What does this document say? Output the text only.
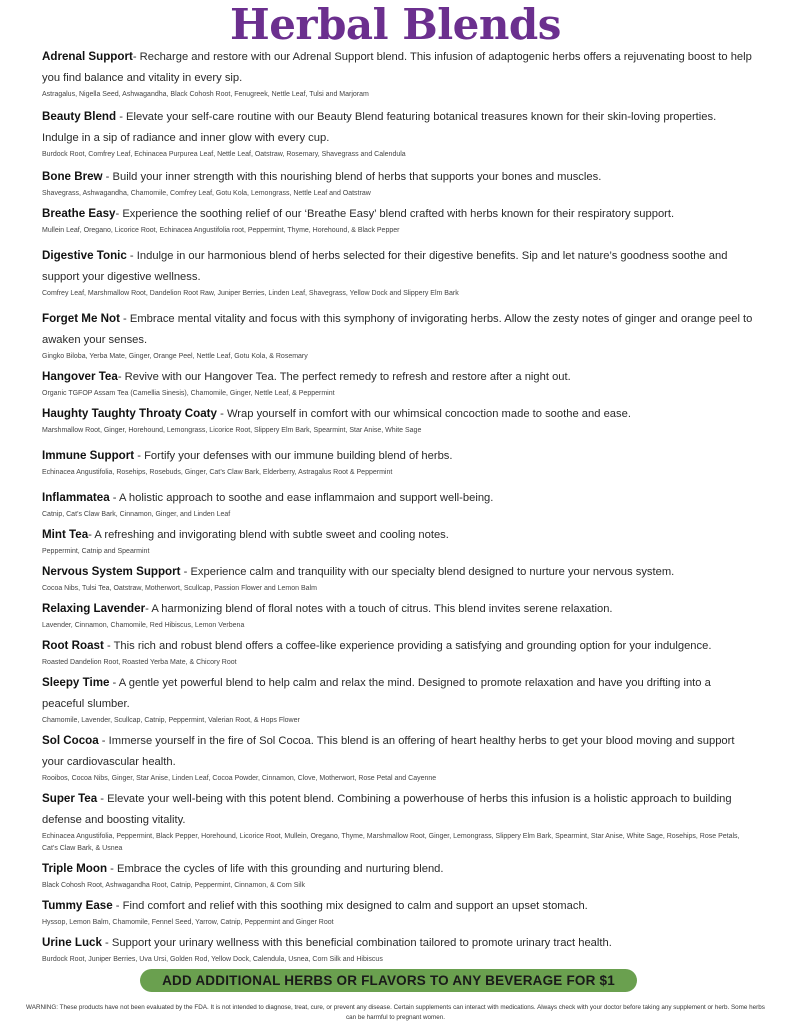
Herbal Blends
Adrenal Support- Recharge and restore with our Adrenal Support blend. This infusion of adaptogenic herbs offers a rejuvenating boost to help you find balance and vitality in every sip.
Astragalus, Nigella Seed, Ashwagandha, Black Cohosh Root, Fenugreek, Nettle Leaf, Tulsi and Marjoram
Beauty Blend - Elevate your self-care routine with our Beauty Blend featuring botanical treasures known for their skin-loving properties. Indulge in a sip of radiance and inner glow with every cup.
Burdock Root, Comfrey Leaf, Echinacea Purpurea Leaf, Nettle Leaf, Oatstraw, Rosemary, Shavegrass and Calendula
Bone Brew - Build your inner strength with this nourishing blend of herbs that supports your bones and muscles.
Shavegrass, Ashwagandha, Chamomile, Comfrey Leaf, Gotu Kola, Lemongrass, Nettle Leaf and Oatstraw
Breathe Easy- Experience the soothing relief of our ‘Breathe Easy’ blend crafted with herbs known for their respiratory support.
Mullein Leaf, Oregano, Licorice Root, Echinacea Angustifolia root, Peppermint, Thyme, Horehound, & Black Pepper
Digestive Tonic - Indulge in our harmonious blend of herbs selected for their digestive benefits. Sip and let nature’s goodness soothe and support your digestive wellness.
Comfrey Leaf, Marshmallow Root, Dandelion Root Raw, Juniper Berries, Linden Leaf, Shavegrass, Yellow Dock and Slippery Elm Bark
Forget Me Not - Embrace mental vitality and focus with this symphony of invigorating herbs. Allow the zesty notes of ginger and orange peel to awaken your senses.
Gingko Biloba, Yerba Mate, Ginger, Orange Peel, Nettle Leaf, Gotu Kola, & Rosemary
Hangover Tea- Revive with our Hangover Tea. The perfect remedy to refresh and restore after a night out.
Organic TGFOP Assam Tea (Camellia Sinesis), Chamomile, Ginger, Nettle Leaf, & Peppermint
Haughty Taughty Throaty Coaty - Wrap yourself in comfort with our whimsical concoction made to soothe and ease.
Marshmallow Root, Ginger, Horehound, Lemongrass, Licorice Root, Slippery Elm Bark, Spearmint, Star Anise, White Sage
Immune Support - Fortify your defenses with our immune building blend of herbs.
Echinacea Angustifolia, Rosehips, Rosebuds, Ginger, Cat’s Claw Bark, Elderberry, Astragalus Root & Peppermint
Inflammatea - A holistic approach to soothe and ease inflammaion and support well-being.
Catnip, Cat’s Claw Bark, Cinnamon, Ginger, and Linden Leaf
Mint Tea- A refreshing and invigorating blend with subtle sweet and cooling notes.
Peppermint, Catnip and Spearmint
Nervous System Support - Experience calm and tranquility with our specialty blend designed to nurture your nervous system.
Cocoa Nibs, Tulsi Tea, Oatstraw, Motherwort, Scullcap, Passion Flower and Lemon Balm
Relaxing Lavender- A harmonizing blend of floral notes with a touch of citrus. This blend invites serene relaxation.
Lavender, Cinnamon, Chamomile, Red Hibiscus, Lemon Verbena
Root Roast - This rich and robust blend offers a coffee-like experience providing a satisfying and grounding option for your indulgence.
Roasted Dandelion Root, Roasted Yerba Mate, & Chicory Root
Sleepy Time - A gentle yet powerful blend to help calm and relax the mind. Designed to promote relaxation and have you drifting into a peaceful slumber.
Chamomile, Lavender, Scullcap, Catnip, Peppermint, Valerian Root, & Hops Flower
Sol Cocoa - Immerse yourself in the fire of Sol Cocoa. This blend is an offering of heart healthy herbs to get your blood moving and support your cardiovascular health.
Rooibos, Cocoa Nibs, Ginger, Star Anise, Linden Leaf, Cocoa Powder, Cinnamon, Clove, Motherwort, Rose Petal and Cayenne
Super Tea - Elevate your well-being with this potent blend. Combining a powerhouse of herbs this infusion is a holistic approach to building defense and boosting vitality.
Echinacea Angustifolia, Peppermint, Black Pepper, Horehound, Licorice Root, Mullein, Oregano, Thyme, Marshmallow Root, Ginger, Lemongrass, Slippery Elm Bark, Spearmint, Star Anise, White Sage, Rosehips, Rose Petals, Cat’s Claw Bark, & Usnea
Triple Moon - Embrace the cycles of life with this grounding and nurturing blend.
Black Cohosh Root, Ashwagandha Root, Catnip, Peppermint, Cinnamon, & Corn Silk
Tummy Ease - Find comfort and relief with this soothing mix designed to calm and support an upset stomach.
Hyssop, Lemon Balm, Chamomile, Fennel Seed, Yarrow, Catnip, Peppermint and Ginger Root
Urine Luck - Support your urinary wellness with this beneficial combination tailored to promote urinary tract health.
Burdock Root, Juniper Berries, Uva Ursi, Golden Rod, Yellow Dock, Calendula, Usnea, Corn Silk and Hibiscus
ADD ADDITIONAL HERBS OR FLAVORS TO ANY BEVERAGE FOR $1
WARNING: These products have not been evaluated by the FDA. It is not intended to diagnose, treat, cure, or prevent any disease. Certain supplements can interact with medications. Always check with your doctor before taking any supplement or herb. Some herbs can be harmful to pregnant women.
